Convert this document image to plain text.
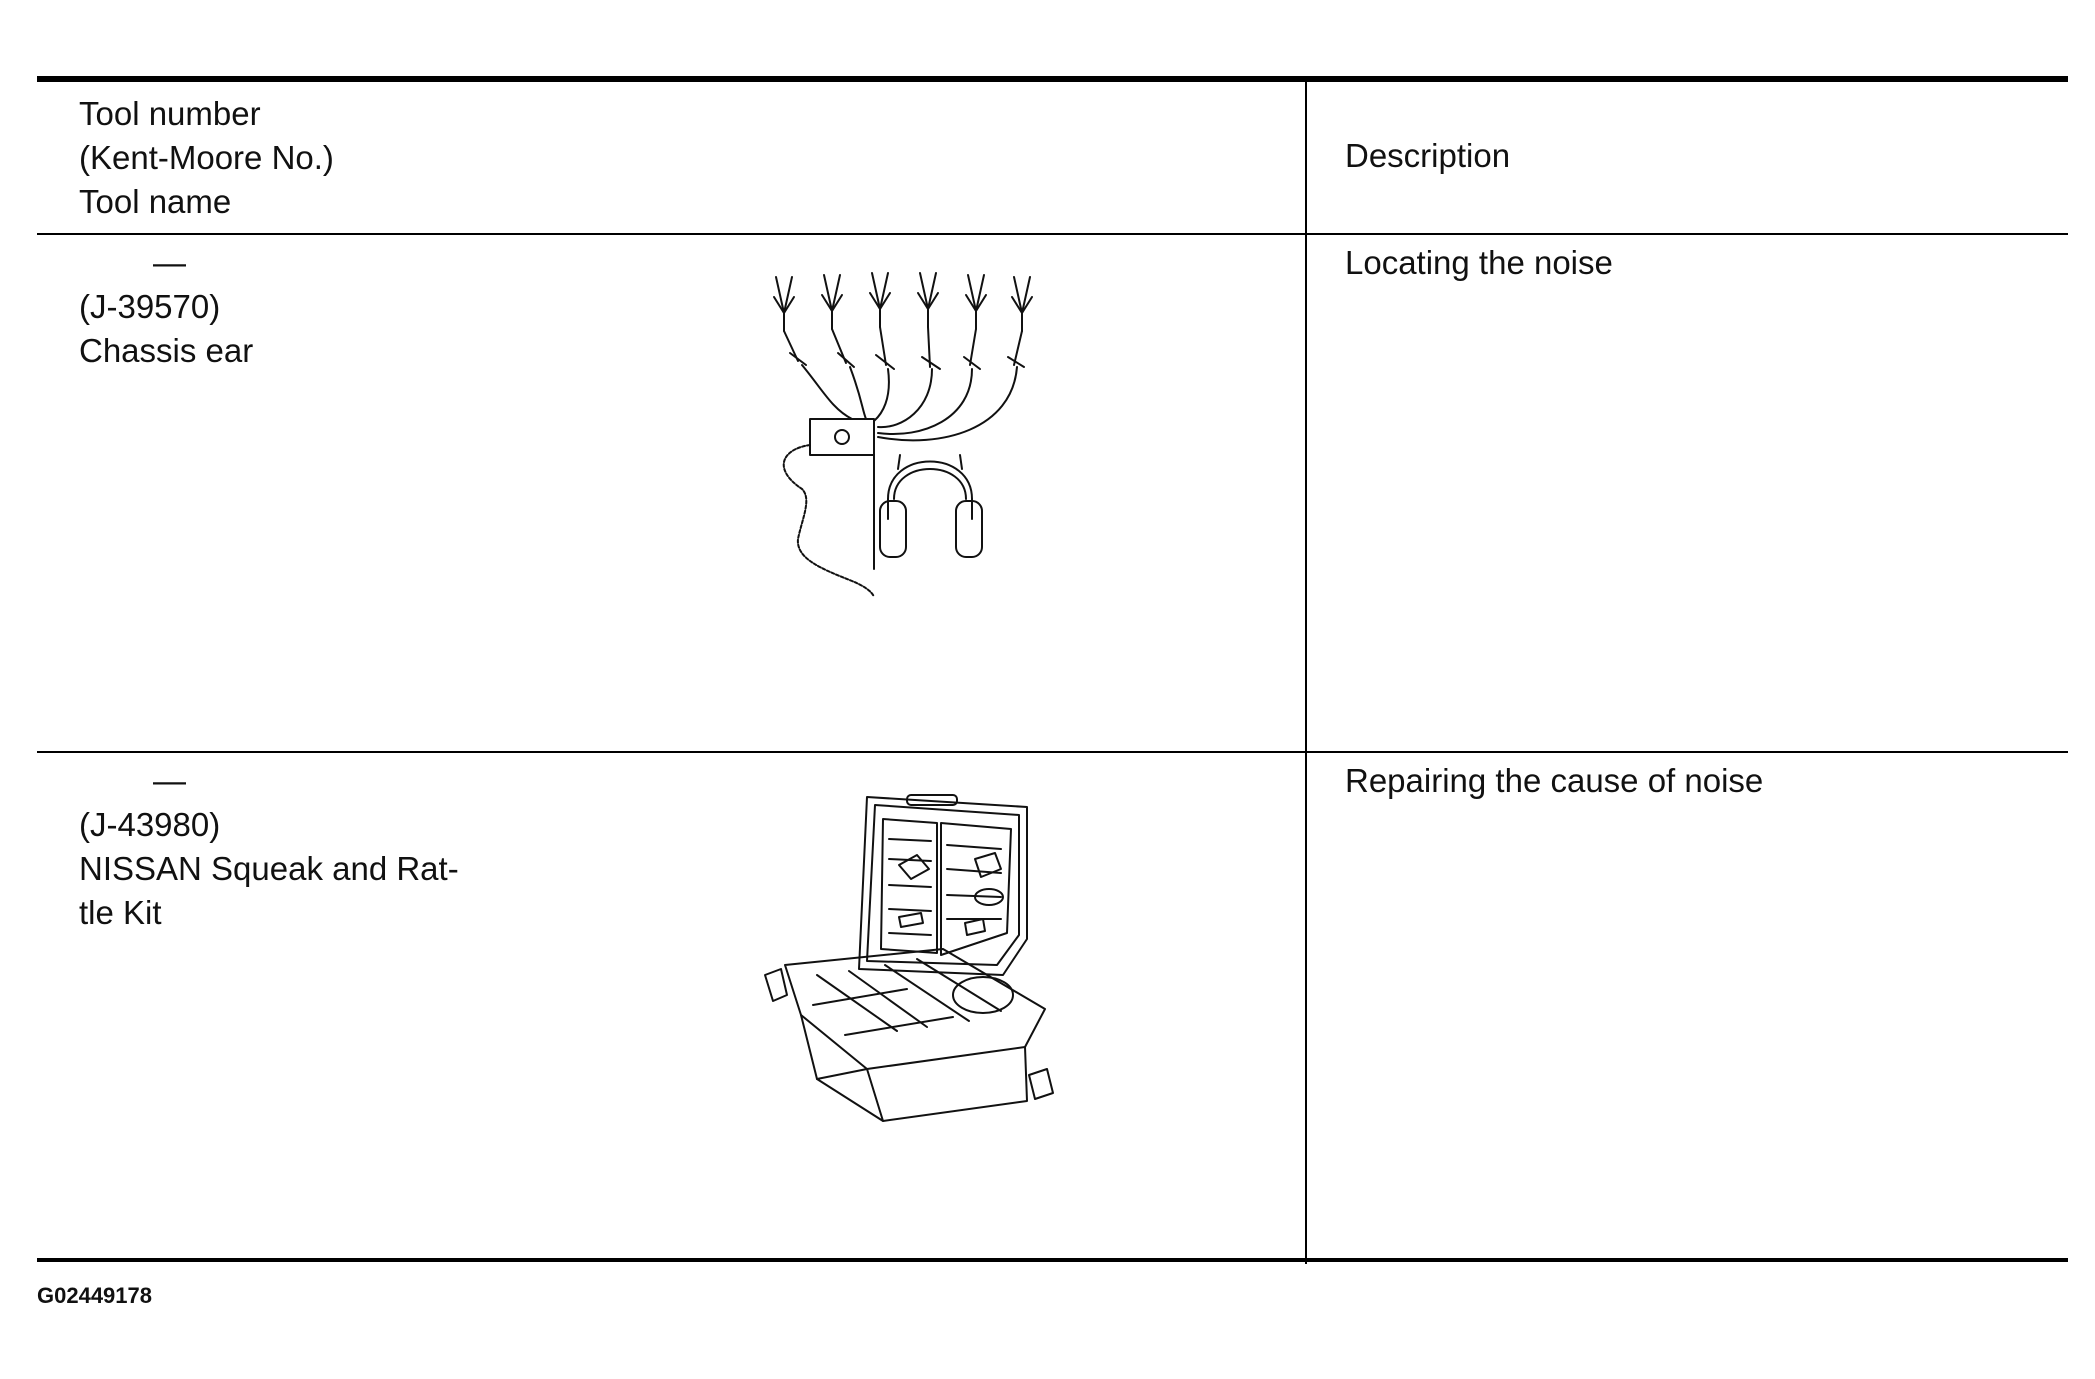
Tool number
(Kent-Moore No.)
Tool name
Description
—
(J-39570)
Chassis ear
Locating the noise
—
(J-43980)
NISSAN Squeak and Rat-
tle Kit
Repairing the cause of noise
G02449178
